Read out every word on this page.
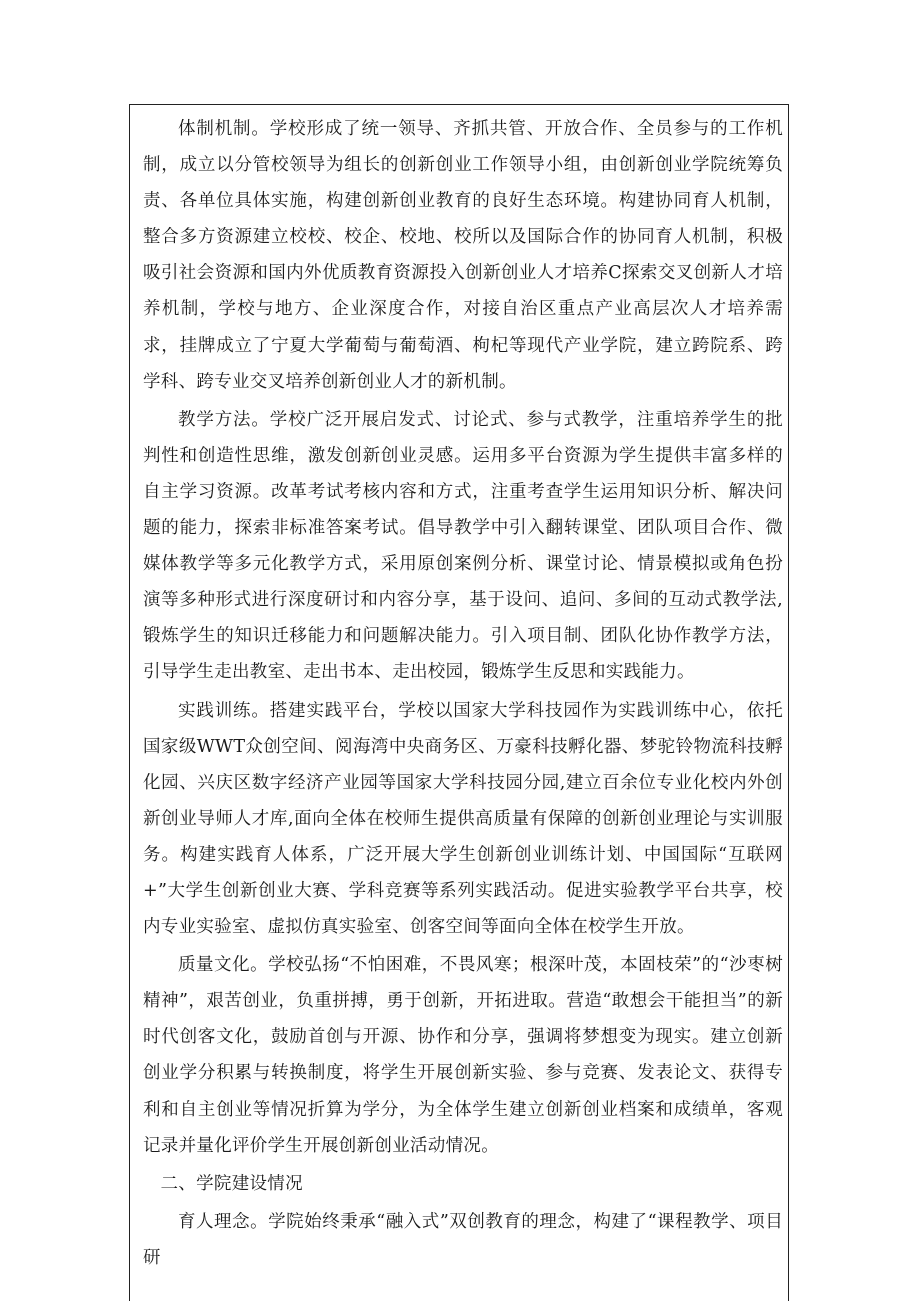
体制机制。学校形成了统一领导、齐抓共管、开放合作、全员参与的工作机制，成立以分管校领导为组长的创新创业工作领导小组，由创新创业学院统筹负责、各单位具体实施，构建创新创业教育的良好生态环境。构建协同育人机制，整合多方资源建立校校、校企、校地、校所以及国际合作的协同育人机制，积极吸引社会资源和国内外优质教育资源投入创新创业人才培养C探索交叉创新人才培养机制，学校与地方、企业深度合作，对接自治区重点产业高层次人才培养需求，挂牌成立了宁夏大学葡萄与葡萄酒、枸杞等现代产业学院，建立跨院系、跨学科、跨专业交叉培养创新创业人才的新机制。

教学方法。学校广泛开展启发式、讨论式、参与式教学，注重培养学生的批判性和创造性思维，激发创新创业灵感。运用多平台资源为学生提供丰富多样的自主学习资源。改革考试考核内容和方式，注重考查学生运用知识分析、解决问题的能力，探索非标准答案考试。倡导教学中引入翻转课堂、团队项目合作、微媒体教学等多元化教学方式，采用原创案例分析、课堂讨论、情景模拟或角色扮演等多种形式进行深度研讨和内容分享，基于设问、追问、多间的互动式教学法,锻炼学生的知识迁移能力和问题解决能力。引入项目制、团队化协作教学方法，引导学生走出教室、走出书本、走出校园，锻炼学生反思和实践能力。

实践训练。搭建实践平台，学校以国家大学科技园作为实践训练中心，依托国家级WWT众创空间、阅海湾中央商务区、万豪科技孵化器、梦驼铃物流科技孵化园、兴庆区数字经济产业园等国家大学科技园分园,建立百余位专业化校内外创新创业导师人才库,面向全体在校师生提供高质量有保障的创新创业理论与实训服务。构建实践育人体系，广泛开展大学生创新创业训练计划、中国国际“互联网+”大学生创新创业大赛、学科竞赛等系列实践活动。促进实验教学平台共享，校内专业实验室、虚拟仿真实验室、创客空间等面向全体在校学生开放。

质量文化。学校弘扬“不怕困难，不畏风寒；根深叶茂，本固枝荣”的“沙枣树精神”，艰苦创业，负重拼搏，勇于创新，开拓进取。营造“敢想会干能担当”的新时代创客文化，鼓励首创与开源、协作和分享，强调将梦想变为现实。建立创新创业学分积累与转换制度，将学生开展创新实验、参与竞赛、发表论文、获得专利和自主创业等情况折算为学分，为全体学生建立创新创业档案和成绩单，客观记录并量化评价学生开展创新创业活动情况。

二、学院建设情况

育人理念。学院始终秉承“融入式”双创教育的理念，构建了“课程教学、项目研
